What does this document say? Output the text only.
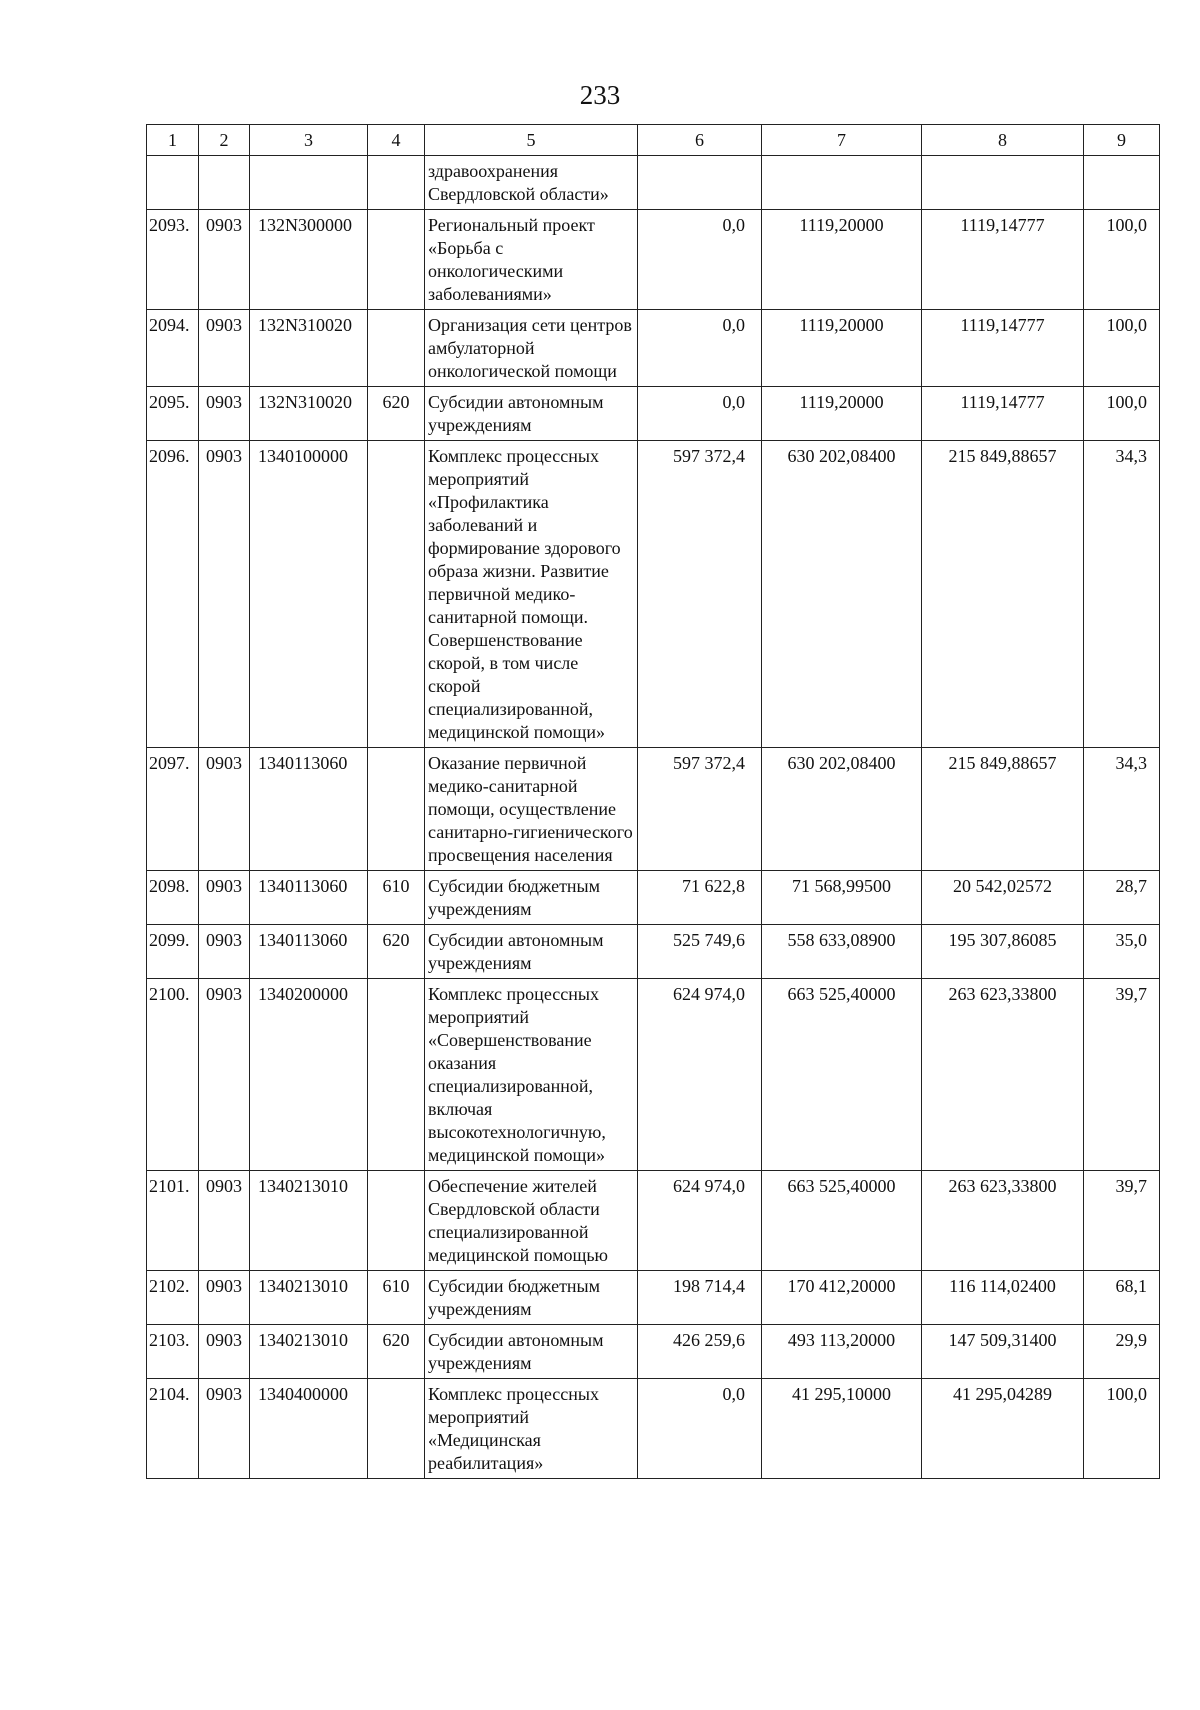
233
1	2	3	4	5	6	7	8	9
				здравоохранения Свердловской области»				
2093.	0903	132N300000		Региональный проект «Борьба с онкологическими заболеваниями»	0,0	1119,20000	1119,14777	100,0
2094.	0903	132N310020		Организация сети центров амбулаторной онкологической помощи	0,0	1119,20000	1119,14777	100,0
2095.	0903	132N310020	620	Субсидии автономным учреждениям	0,0	1119,20000	1119,14777	100,0
2096.	0903	1340100000		Комплекс процессных мероприятий «Профилактика заболеваний и формирование здорового образа жизни. Развитие первичной медико-санитарной помощи. Совершенствование скорой, в том числе скорой специализированной, медицинской помощи»	597 372,4	630 202,08400	215 849,88657	34,3
2097.	0903	1340113060		Оказание первичной медико-санитарной помощи, осуществление санитарно-гигиенического просвещения населения	597 372,4	630 202,08400	215 849,88657	34,3
2098.	0903	1340113060	610	Субсидии бюджетным учреждениям	71 622,8	71 568,99500	20 542,02572	28,7
2099.	0903	1340113060	620	Субсидии автономным учреждениям	525 749,6	558 633,08900	195 307,86085	35,0
2100.	0903	1340200000		Комплекс процессных мероприятий «Совершенствование оказания специализированной, включая высокотехнологичную, медицинской помощи»	624 974,0	663 525,40000	263 623,33800	39,7
2101.	0903	1340213010		Обеспечение жителей Свердловской области специализированной медицинской помощью	624 974,0	663 525,40000	263 623,33800	39,7
2102.	0903	1340213010	610	Субсидии бюджетным учреждениям	198 714,4	170 412,20000	116 114,02400	68,1
2103.	0903	1340213010	620	Субсидии автономным учреждениям	426 259,6	493 113,20000	147 509,31400	29,9
2104.	0903	1340400000		Комплекс процессных мероприятий «Медицинская реабилитация»	0,0	41 295,10000	41 295,04289	100,0
